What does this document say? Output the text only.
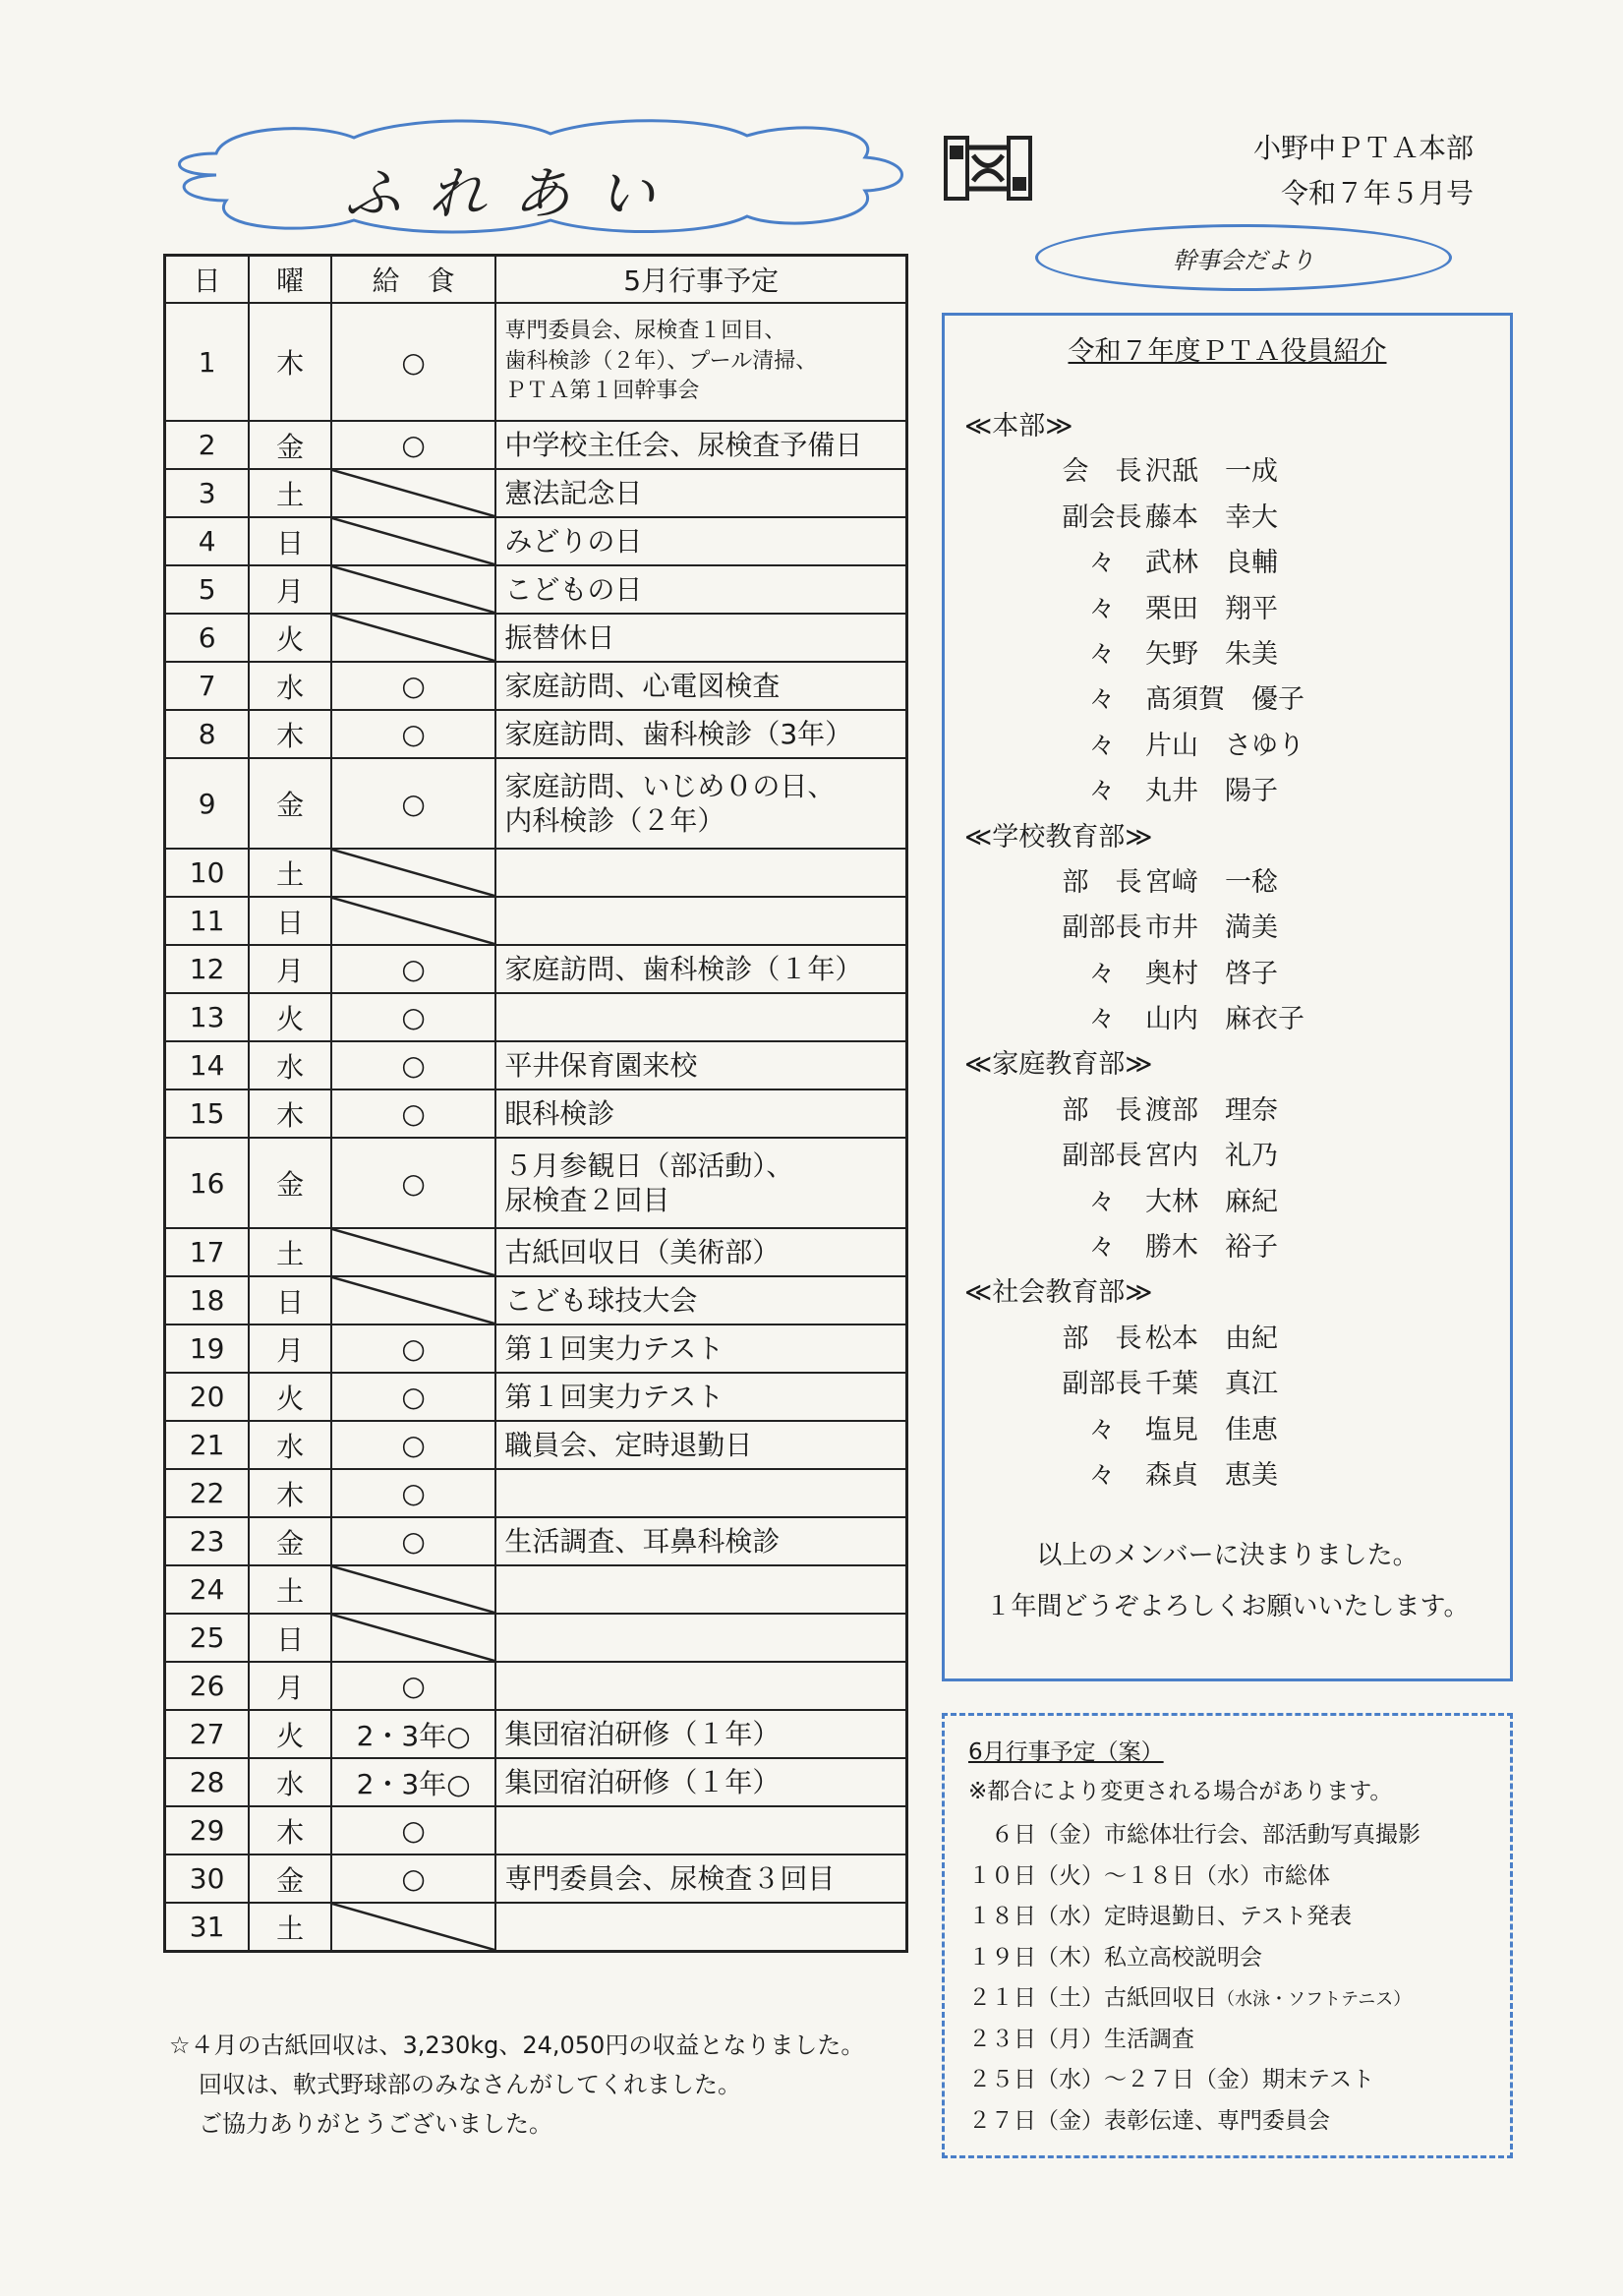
ふれあい
小野中ＰＴＡ本部
令和７年５月号
幹事会だより
日	曜	給　食	5月行事予定
1	木	○	専門委員会、尿検査１回目、
歯科検診（２年）、プール清掃、
ＰＴＡ第１回幹事会

2	金	○	中学校主任会、尿検査予備日

3	土		憲法記念日

4	日		みどりの日

5	月		こどもの日

6	火		振替休日

7	水	○	家庭訪問、心電図検査

8	木	○	家庭訪問、歯科検診（3年）

9	金	○	家庭訪問、いじめ０の日、
内科検診（２年）

10	土		
11	日		
12	月	○	家庭訪問、歯科検診（１年）

13	火	○	
14	水	○	平井保育園来校

15	木	○	眼科検診

16	金	○	５月参観日（部活動）、
尿検査２回目

17	土		古紙回収日（美術部）

18	日		こども球技大会

19	月	○	第１回実力テスト

20	火	○	第１回実力テスト

21	水	○	職員会、定時退勤日

22	木	○	
23	金	○	生活調査、耳鼻科検診

24	土		
25	日		
26	月	○	
27	火	2・3年○	集団宿泊研修（１年）

28	水	2・3年○	集団宿泊研修（１年）

29	木	○	
30	金	○	専門委員会、尿検査３回目

31	土		
☆４月の古紙回収は、3,230kg、24,050円の収益となりました。
回収は、軟式野球部のみなさんがしてくれました。
ご協力ありがとうございました。
令和７年度ＰＴＡ役員紹介
≪本部≫
会　長 沢舐　一成
副会長 藤本　幸大
々	武林　良輔
々	栗田　翔平
々	矢野　朱美
々	髙須賀　優子
々	片山　さゆり
々	丸井　陽子
≪学校教育部≫
部　長 宮﨑　一稔
副部長 市井　満美
々	奥村　啓子
々	山内　麻衣子
≪家庭教育部≫
部　長 渡部　理奈
副部長 宮内　礼乃
々	大林　麻紀
々	勝木　裕子
≪社会教育部≫
部　長 松本　由紀
副部長 千葉　真江
々	塩見　佳恵
々	森貞　恵美
以上のメンバーに決まりました。
１年間どうぞよろしくお願いいたします。
6月行事予定（案）
※都合により変更される場合があります。
　６日（金）市総体壮行会、部活動写真撮影
１０日（火）～１８日（水）市総体
１８日（水）定時退勤日、テスト発表
１９日（木）私立高校説明会
２１日（土）古紙回収日（水泳・ソフトテニス）
２３日（月）生活調査
２５日（水）～２７日（金）期末テスト
２７日（金）表彰伝達、専門委員会
